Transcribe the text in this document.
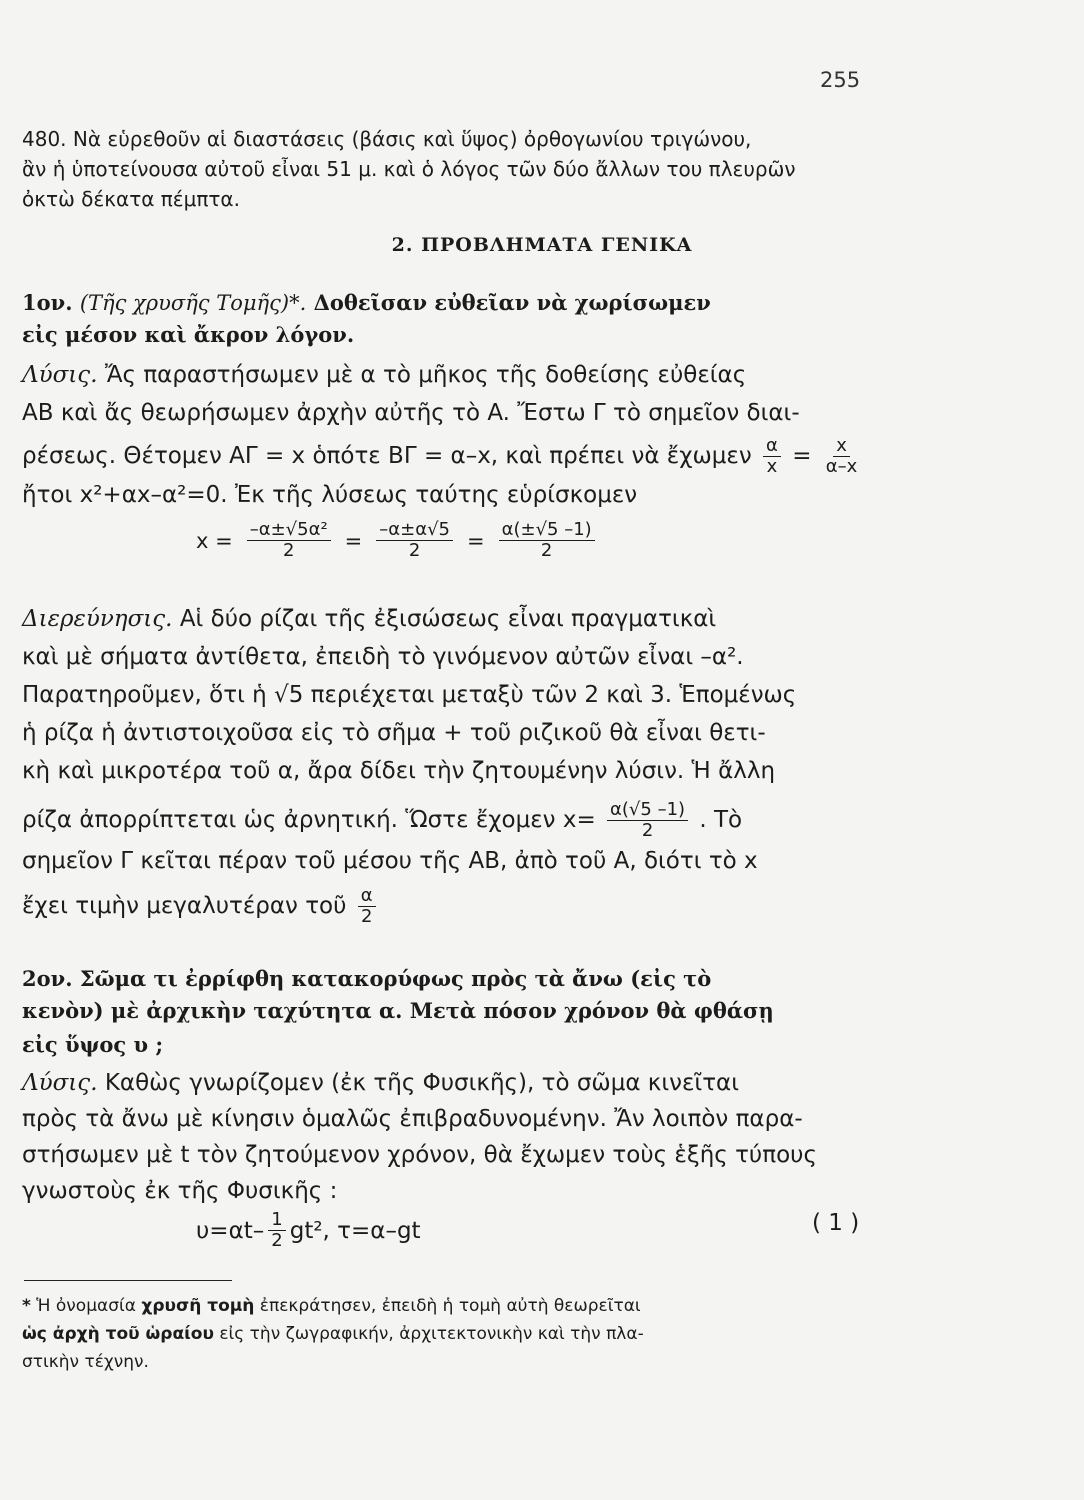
255
480. Νὰ εὑρεθοῦν αἱ διαστάσεις (βάσις καὶ ὕψος) ὀρθογωνίου τριγώνου,
ἂν ἡ ὑποτείνουσα αὐτοῦ εἶναι 51 μ. καὶ ὁ λόγος τῶν δύο ἄλλων του πλευρῶν
ὀκτὼ δέκατα πέμπτα.
2. ΠΡΟΒΛΗΜΑΤΑ ΓΕΝΙΚΑ
1ον. (Τῆς χρυσῆς Τομῆς)*. Δοθεῖσαν εὐθεῖαν νὰ χωρίσωμεν
εἰς μέσον καὶ ἄκρον λόγον.
Λύσις. Ἄς παραστήσωμεν μὲ α τὸ μῆκος τῆς δοθείσης εὐθείας
AB καὶ ἄς θεωρήσωμεν ἀρχὴν αὐτῆς τὸ A. Ἔστω Γ τὸ σημεῖον διαι-
ρέσεως. Θέτομεν AΓ = x ὁπότε BΓ = α–x, καὶ πρέπει νὰ ἔχωμεν $\frac{\alpha}{x} = \frac{x}{\alpha-x}$
ἤτοι x²+αx–α²=0. Ἐκ τῆς λύσεως ταύτης εὑρίσκομεν
$x = \frac{\text{–α±√5α²}}{2} = \frac{-\alpha\pm\alpha√5}{2} = \frac{\alpha(\pm√5 -1)}{2}$
Διερεύνησις. Αἱ δύο ρίζαι τῆς ἐξισώσεως εἶναι πραγματικαὶ
καὶ μὲ σήματα ἀντίθετα, ἐπειδὴ τὸ γινόμενον αὐτῶν εἶναι –α².
Παρατηροῦμεν, ὅτι ἡ √5 περιέχεται μεταξὺ τῶν 2 καὶ 3. Ἑπομένως
ἡ ρίζα ἡ ἀντιστοιχοῦσα εἰς τὸ σῆμα + τοῦ ριζικοῦ θὰ εἶναι θετι-
κὴ καὶ μικροτέρα τοῦ α, ἄρα δίδει τὴν ζητουμένην λύσιν. Ἡ ἄλλη
ρίζα ἀπορρίπτεται ὡς ἀρνητική. Ὥστε ἔχομεν $x= \frac{\alpha(√5 -1)}{2}$ . Τὸ
σημεῖον Γ κεῖται πέραν τοῦ μέσου τῆς AB, ἀπὸ τοῦ A, διότι τὸ x
ἔχει τιμὴν μεγαλυτέραν τοῦ $\frac{\alpha}{2}$
2ον. Σῶμα τι ἐρρίφθη κατακορύφως πρὸς τὰ ἄνω (εἰς τὸ
κενὸν) μὲ ἀρχικὴν ταχύτητα α. Μετὰ πόσον χρόνον θὰ φθάσῃ
εἰς ὕψος υ ;
Λύσις. Καθὼς γνωρίζομεν (ἐκ τῆς Φυσικῆς), τὸ σῶμα κινεῖται
πρὸς τὰ ἄνω μὲ κίνησιν ὁμαλῶς ἐπιβραδυνομένην. Ἄν λοιπὸν παρα-
στήσωμεν μὲ t τὸν ζητούμενον χρόνον, θὰ ἔχωμεν τοὺς ἑξῆς τύπους
γνωστοὺς ἐκ τῆς Φυσικῆς :
$\upsilon=\alpha t- \frac{1}{2} gt^2$, τ=α–gt	( 1 )
* Ἡ ὀνομασία χρυσῆ τομὴ ἐπεκράτησεν, ἐπειδὴ ἡ τομὴ αὐτὴ θεωρεῖται
ὡς ἀρχὴ τοῦ ὡραίου εἰς τὴν ζωγραφικήν, ἀρχιτεκτονικὴν καὶ τὴν πλα-
στικὴν τέχνην.
